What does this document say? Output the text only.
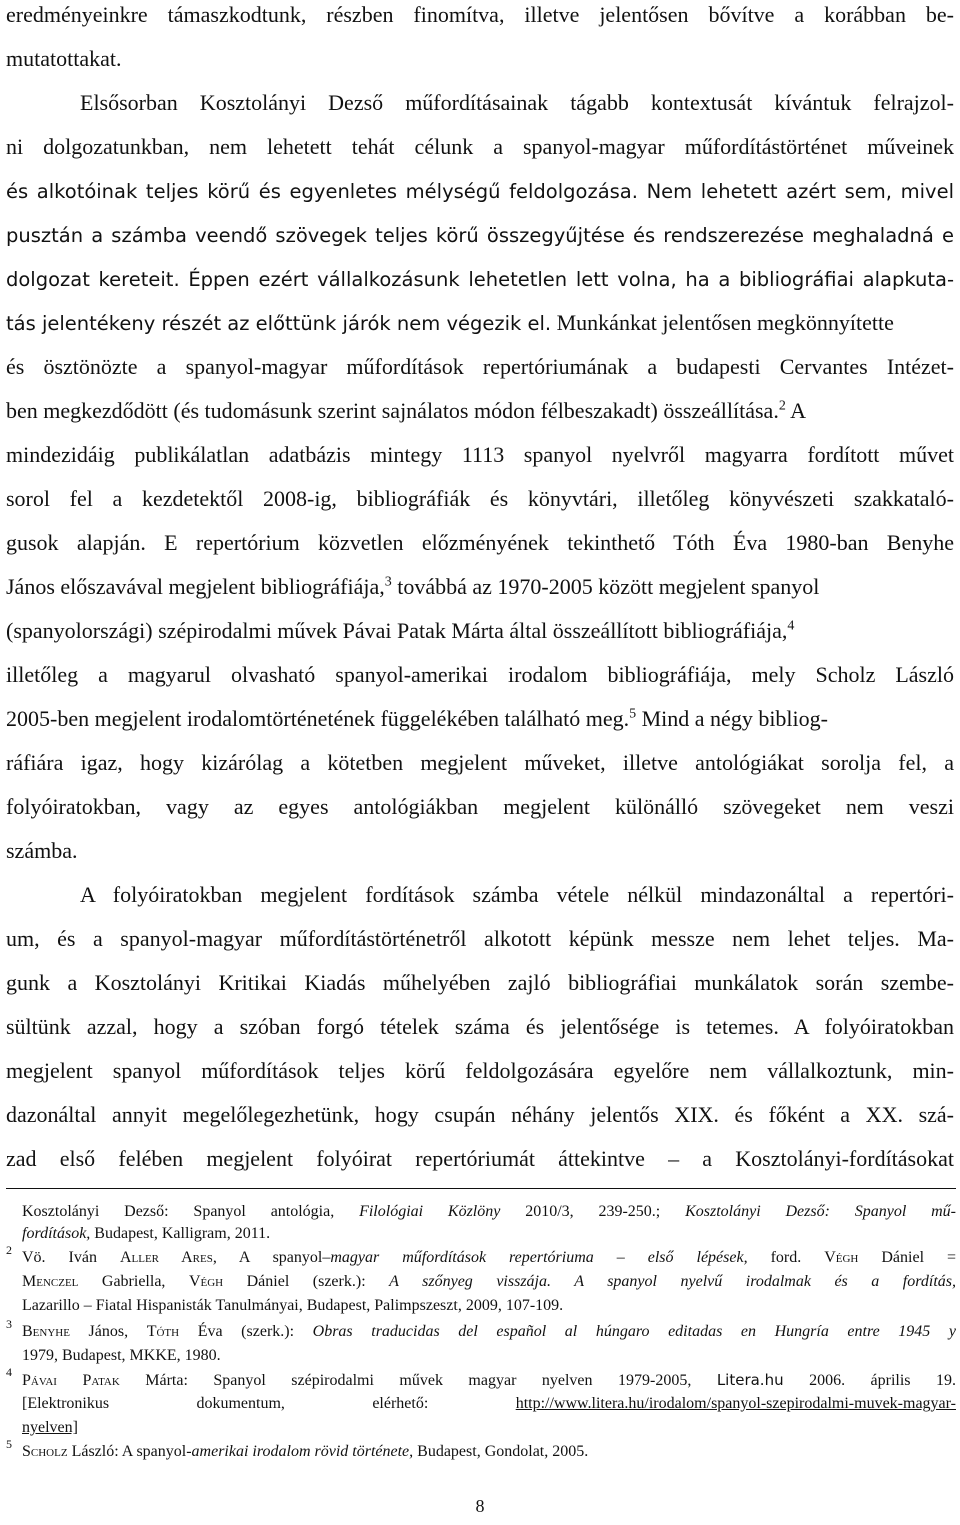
eredményeinkre támaszkodtunk, részben finomítva, illetve jelentősen bővítve a korábban be-
mutatottakat.
Elsősorban Kosztolányi Dezső műfordításainak tágabb kontextusát kívántuk felrajzol-
ni dolgozatunkban, nem lehetett tehát célunk a spanyol-magyar műfordítástörténet műveinek
és alkotóinak teljes körű és egyenletes mélységű feldolgozása. Nem lehetett azért sem, mivel
pusztán a számba veendő szövegek teljes körű összegyűjtése és rendszerezése meghaladná e
dolgozat kereteit. Éppen ezért vállalkozásunk lehetetlen lett volna, ha a bibliográfiai alapkuta-
tás jelentékeny részét az előttünk járók nem végezik el. Munkánkat jelentősen megkönnyítette
és ösztönözte a spanyol-magyar műfordítások repertóriumának a budapesti Cervantes Intézet-
ben megkezdődött (és tudomásunk szerint sajnálatos módon félbeszakadt) összeállítása.$^2$ A
mindezidáig publikálatlan adatbázis mintegy 1113 spanyol nyelvről magyarra fordított művet
sorol fel a kezdetektől 2008-ig, bibliográfiák és könyvtári, illetőleg könyvészeti szakkataló-
gusok alapján. E repertórium közvetlen előzményének tekinthető Tóth Éva 1980-ban Benyhe
János előszavával megjelent bibliográfiája,$^3$ továbbá az 1970-2005 között megjelent spanyol
(spanyolországi) szépirodalmi művek Pávai Patak Márta által összeállított bibliográfiája,$^4$
illetőleg a magyarul olvasható spanyol-amerikai irodalom bibliográfiája, mely Scholz László
2005-ben megjelent irodalomtörténetének függelékében található meg.$^5$ Mind a négy bibliog-
ráfiára igaz, hogy kizárólag a kötetben megjelent műveket, illetve antológiákat sorolja fel, a
folyóiratokban, vagy az egyes antológiákban megjelent különálló szövegeket nem veszi
számba.
A folyóiratokban megjelent fordítások számba vétele nélkül mindazonáltal a repertóri-
um, és a spanyol-magyar műfordítástörténetről alkotott képünk messze nem lehet teljes. Ma-
gunk a Kosztolányi Kritikai Kiadás műhelyében zajló bibliográfiai munkálatok során szembe-
sültünk azzal, hogy a szóban forgó tételek száma és jelentősége is tetemes. A folyóiratokban
megjelent spanyol műfordítások teljes körű feldolgozására egyelőre nem vállalkoztunk, min-
dazonáltal annyit megelőlegezhetünk, hogy csupán néhány jelentős XIX. és főként a XX. szá-
zad első felében megjelent folyóirat repertóriumát áttekintve – a Kosztolányi-fordításokat
Kosztolányi Dezső: Spanyol antológia, Filológiai Közlöny 2010/3, 239-250.; Kosztolányi Dezső: Spanyol mű-
fordítások, Budapest, Kalligram, 2011.
2 Vö. Iván Aller Ares, A spanyol–magyar műfordítások repertóriuma – első lépések, ford. Végh Dániel =
Menczel Gabriella, Végh Dániel (szerk.): A szőnyeg visszája. A spanyol nyelvű irodalmak és a fordítás,
Lazarillo – Fiatal Hispanisták Tanulmányai, Budapest, Palimpszeszt, 2009, 107-109.
3 Benyhe János, Tóth Éva (szerk.): Obras traducidas del español al húngaro editadas en Hungría entre 1945 y
1979, Budapest, MKKE, 1980.
4 Pávai Patak Márta: Spanyol szépirodalmi művek magyar nyelven 1979-2005, Litera.hu 2006. április 19.
[Elektronikus dokumentum, elérhető: http://www.litera.hu/irodalom/spanyol-szepirodalmi-muvek-magyar-
nyelven]
5 Scholz László: A spanyol-amerikai irodalom rövid története, Budapest, Gondolat, 2005.
8
